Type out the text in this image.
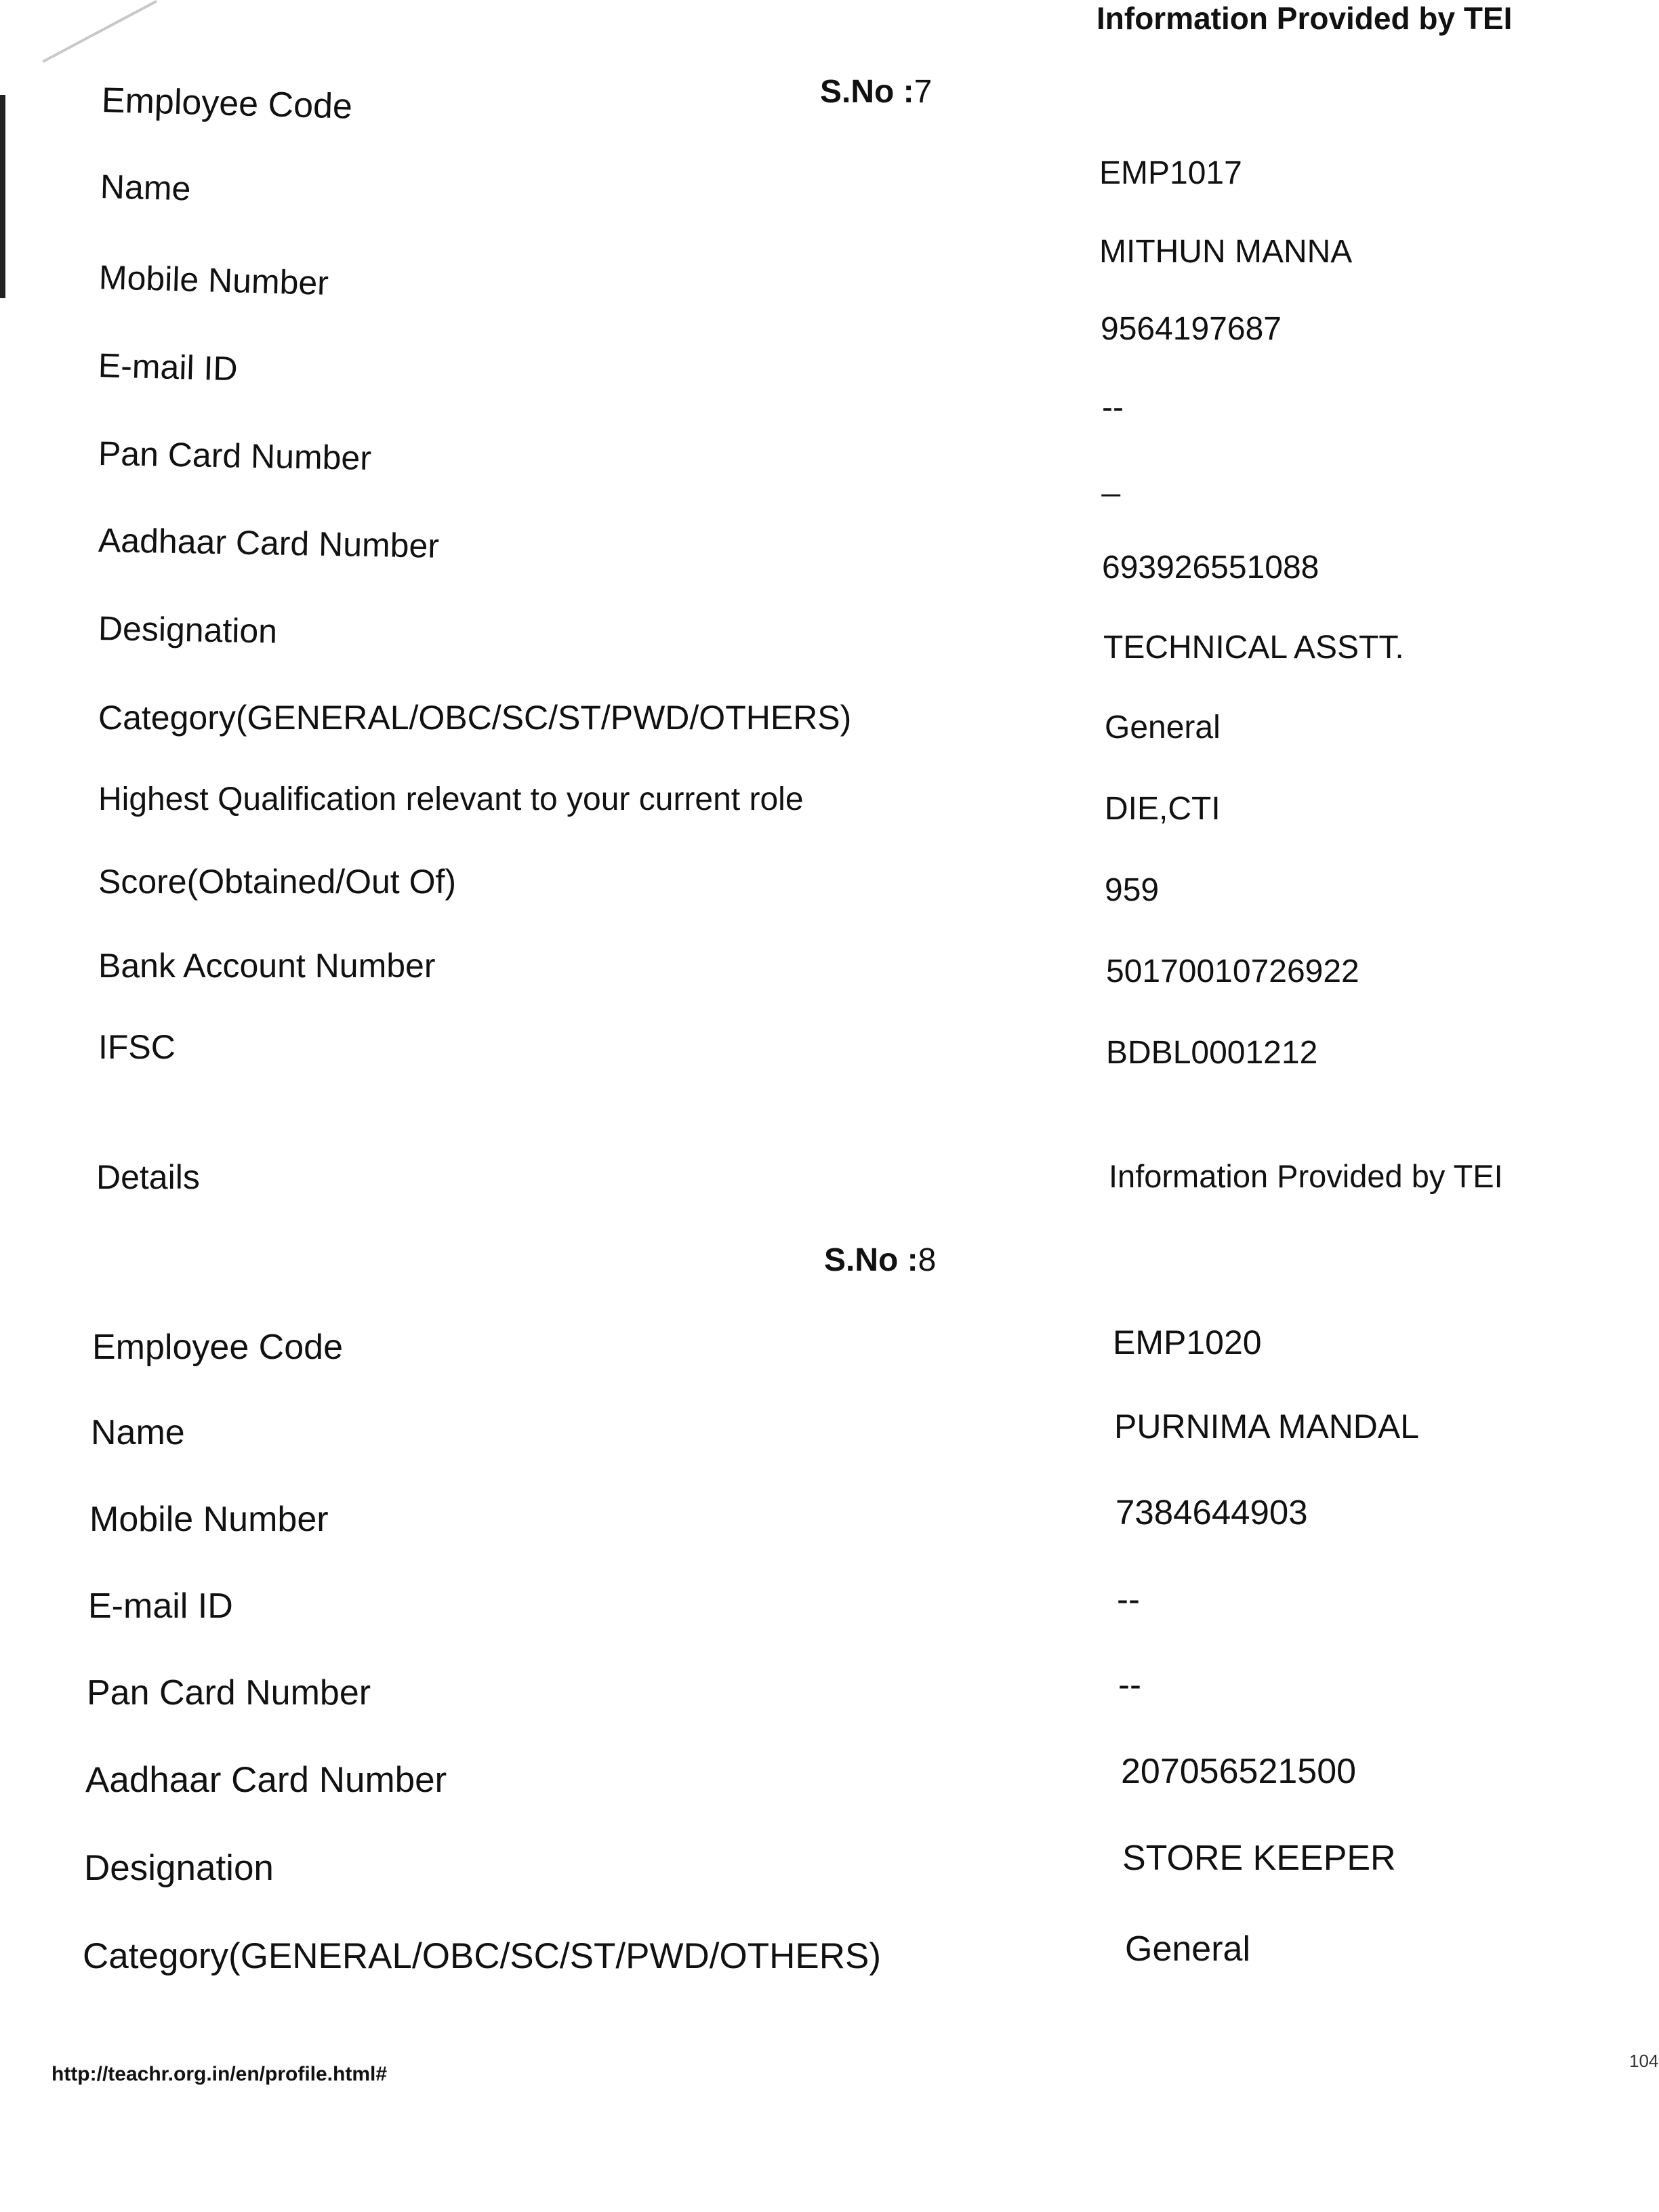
Information Provided by TEI
S.No :7
Employee Code
Name
Mobile Number
E-mail ID
Pan Card Number
Aadhaar Card Number
Designation
Category(GENERAL/OBC/SC/ST/PWD/OTHERS)
Highest Qualification relevant to your current role
Score(Obtained/Out Of)
Bank Account Number
IFSC
EMP1017
MITHUN MANNA
9564197687
--
_
693926551088
TECHNICAL ASSTT.
General
DIE,CTI
959
50170010726922
BDBL0001212
Details	Information Provided by TEI
S.No :8
Employee Code
Name
Mobile Number
E-mail ID
Pan Card Number
Aadhaar Card Number
Designation
Category(GENERAL/OBC/SC/ST/PWD/OTHERS)
EMP1020
PURNIMA MANDAL
7384644903
--
--
207056521500
STORE KEEPER
General
http://teachr.org.in/en/profile.html#
104
